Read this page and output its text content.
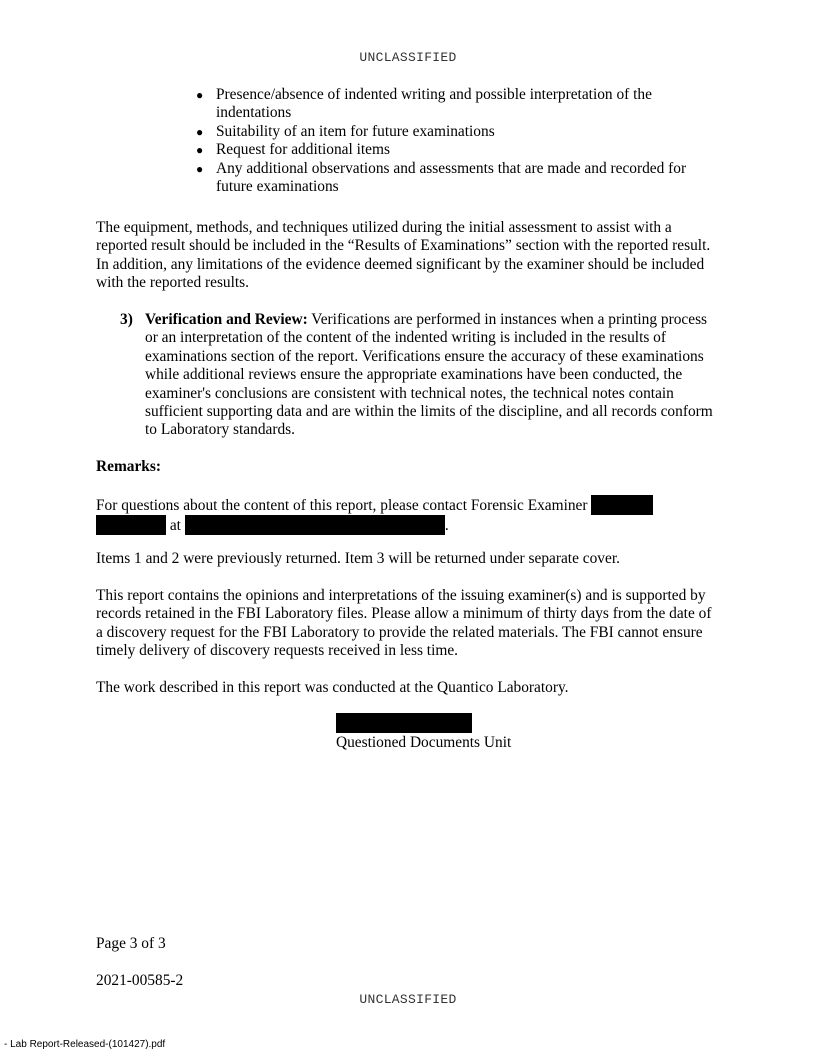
UNCLASSIFIED
● Presence/absence of indented writing and possible interpretation of the indentations
● Suitability of an item for future examinations
● Request for additional items
● Any additional observations and assessments that are made and recorded for future examinations

The equipment, methods, and techniques utilized during the initial assessment to assist with a reported result should be included in the “Results of Examinations” section with the reported result. In addition, any limitations of the evidence deemed significant by the examiner should be included with the reported results.

3) Verification and Review: Verifications are performed in instances when a printing process or an interpretation of the content of the indented writing is included in the results of examinations section of the report. Verifications ensure the accuracy of these examinations while additional reviews ensure the appropriate examinations have been conducted, the examiner's conclusions are consistent with technical notes, the technical notes contain sufficient supporting data and are within the limits of the discipline, and all records conform to Laboratory standards.
Remarks:

For questions about the content of this report, please contact Forensic Examiner   at	.

Items 1 and 2 were previously returned. Item 3 will be returned under separate cover.

This report contains the opinions and interpretations of the issuing examiner(s) and is supported by records retained in the FBI Laboratory files. Please allow a minimum of thirty days from the date of a discovery request for the FBI Laboratory to provide the related materials. The FBI cannot ensure timely delivery of discovery requests received in less time.

The work described in this report was conducted at the Quantico Laboratory.

Questioned Documents Unit
Page 3 of 3
2021-00585-2
UNCLASSIFIED
- Lab Report-Released-(101427).pdf
